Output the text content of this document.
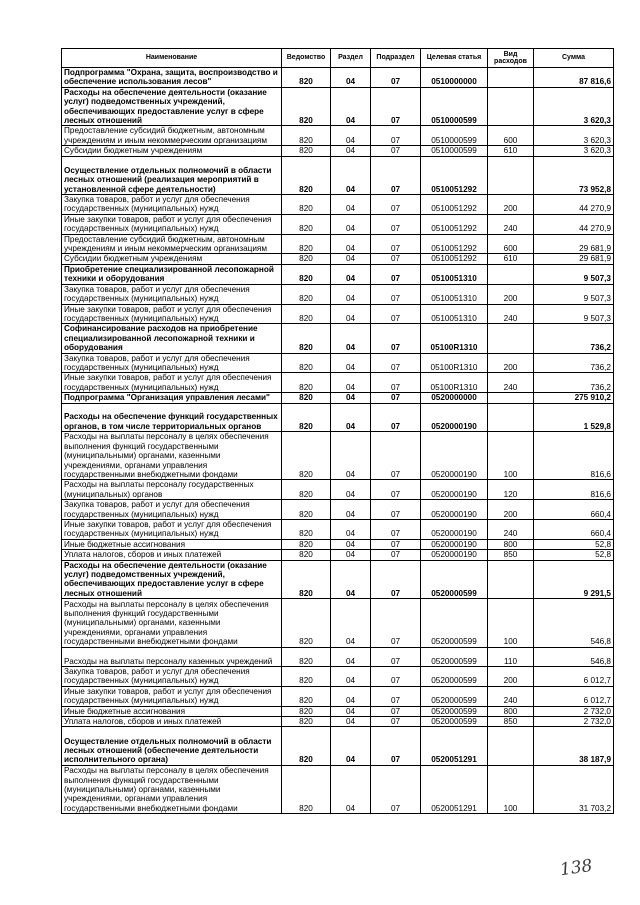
Наименование	Ведомство	Раздел	Подраздел	Целевая статья	Вид расходов	Сумма
Подпрограмма "Охрана, защита, воспроизводство и обеспечение использования лесов"	820	04	07	0510000000		87 816,6
Расходы на обеспечение деятельности (оказание услуг) подведомственных учреждений, обеспечивающих предоставление услуг в сфере лесных отношений	820	04	07	0510000599		3 620,3
Предоставление субсидий бюджетным, автономным учреждениям и иным некоммерческим организациям	820	04	07	0510000599	600	3 620,3
Субсидии бюджетным учреждениям	820	04	07	0510000599	610	3 620,3
Осуществление отдельных полномочий в области лесных отношений (реализация мероприятий в установленной сфере деятельности)	820	04	07	0510051292		73 952,8
Закупка товаров, работ и услуг для обеспечения государственных (муниципальных) нужд	820	04	07	0510051292	200	44 270,9
Иные закупки товаров, работ и услуг для обеспечения государственных (муниципальных) нужд	820	04	07	0510051292	240	44 270,9
Предоставление субсидий бюджетным, автономным учреждениям и иным некоммерческим организациям	820	04	07	0510051292	600	29 681,9
Субсидии бюджетным учреждениям	820	04	07	0510051292	610	29 681,9
Приобретение специализированной лесопожарной техники и оборудования	820	04	07	0510051310		9 507,3
Закупка товаров, работ и услуг для обеспечения государственных (муниципальных) нужд	820	04	07	0510051310	200	9 507,3
Иные закупки товаров, работ и услуг для обеспечения государственных (муниципальных) нужд	820	04	07	0510051310	240	9 507,3
Софинансирование расходов на приобретение специализированной лесопожарной техники и оборудования	820	04	07	05100R1310		736,2
Закупка товаров, работ и услуг для обеспечения государственных (муниципальных) нужд	820	04	07	05100R1310	200	736,2
Иные закупки товаров, работ и услуг для обеспечения государственных (муниципальных) нужд	820	04	07	05100R1310	240	736,2
Подпрограмма "Организация управления лесами"	820	04	07	0520000000		275 910,2
Расходы на обеспечение функций государственных органов, в том числе территориальных органов	820	04	07	0520000190		1 529,8
Расходы на выплаты персоналу в целях обеспечения выполнения функций государственными (муниципальными) органами, казенными учреждениями, органами управления государственными внебюджетными фондами	820	04	07	0520000190	100	816,6
Расходы на выплаты персоналу государственных (муниципальных) органов	820	04	07	0520000190	120	816,6
Закупка товаров, работ и услуг для обеспечения государственных (муниципальных) нужд	820	04	07	0520000190	200	660,4
Иные закупки товаров, работ и услуг для обеспечения государственных (муниципальных) нужд	820	04	07	0520000190	240	660,4
Иные бюджетные ассигнования	820	04	07	0520000190	800	52,8
Уплата налогов, сборов и иных платежей	820	04	07	0520000190	850	52,8
Расходы на обеспечение деятельности (оказание услуг) подведомственных учреждений, обеспечивающих предоставление услуг в сфере лесных отношений	820	04	07	0520000599		9 291,5
Расходы на выплаты персоналу в целях обеспечения выполнения функций государственными (муниципальными) органами, казенными учреждениями, органами управления государственными внебюджетными фондами	820	04	07	0520000599	100	546,8
Расходы на выплаты персоналу казенных учреждений	820	04	07	0520000599	110	546,8
Закупка товаров, работ и услуг для обеспечения государственных (муниципальных) нужд	820	04	07	0520000599	200	6 012,7
Иные закупки товаров, работ и услуг для обеспечения государственных (муниципальных) нужд	820	04	07	0520000599	240	6 012,7
Иные бюджетные ассигнования	820	04	07	0520000599	800	2 732,0
Уплата налогов, сборов и иных платежей	820	04	07	0520000599	850	2 732,0
Осуществление отдельных полномочий в области лесных отношений (обеспечение деятельности исполнительного органа)	820	04	07	0520051291		38 187,9
Расходы на выплаты персоналу в целях обеспечения выполнения функций государственными (муниципальными) органами, казенными учреждениями, органами управления государственными внебюджетными фондами	820	04	07	0520051291	100	31 703,2
138
